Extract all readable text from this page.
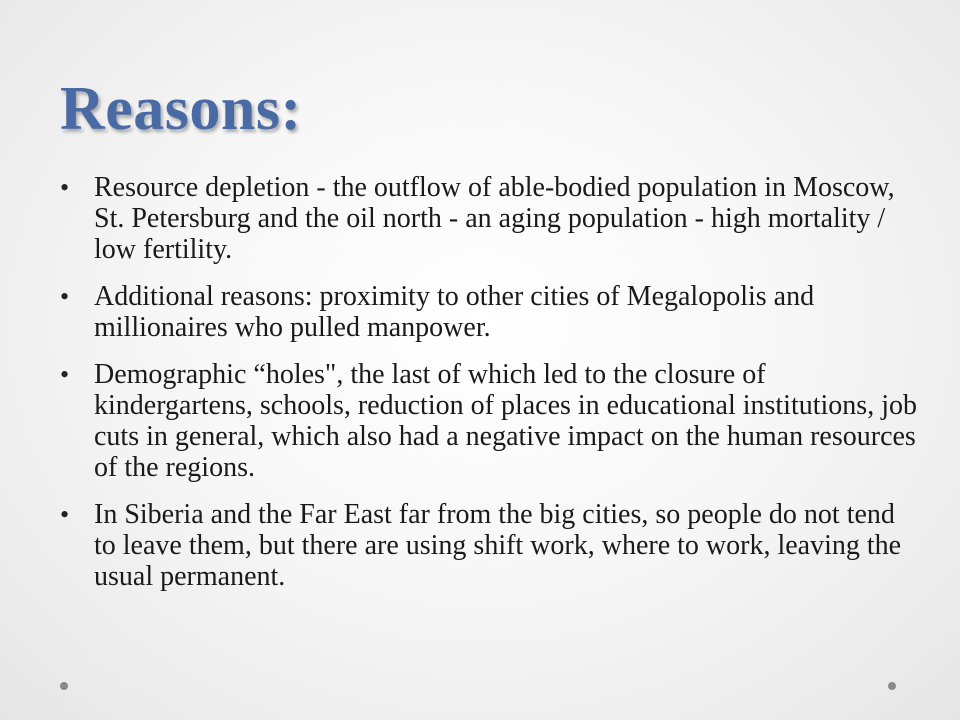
Reasons:
• Resource depletion - the outflow of able-bodied population in Moscow, St. Petersburg and the oil north - an aging population - high mortality / low fertility.
• Additional reasons: proximity to other cities of Megalopolis and millionaires who pulled manpower.
• Demographic “holes", the last of which led to the closure of kindergartens, schools, reduction of places in educational institutions, job cuts in general, which also had a negative impact on the human resources of the regions.
• In Siberia and the Far East far from the big cities, so people do not tend to leave them, but there are using shift work, where to work, leaving the usual permanent.
